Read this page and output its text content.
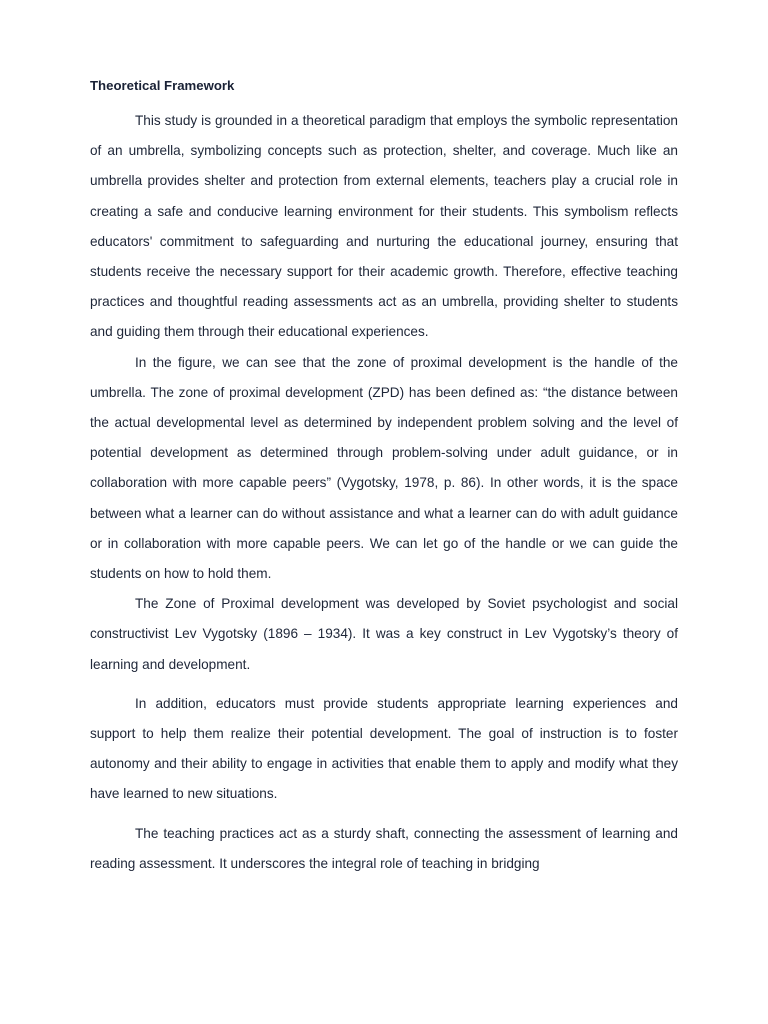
Theoretical Framework

This study is grounded in a theoretical paradigm that employs the symbolic representation of an umbrella, symbolizing concepts such as protection, shelter, and coverage. Much like an umbrella provides shelter and protection from external elements, teachers play a crucial role in creating a safe and conducive learning environment for their students. This symbolism reflects educators' commitment to safeguarding and nurturing the educational journey, ensuring that students receive the necessary support for their academic growth. Therefore, effective teaching practices and thoughtful reading assessments act as an umbrella, providing shelter to students and guiding them through their educational experiences.

In the figure, we can see that the zone of proximal development is the handle of the umbrella. The zone of proximal development (ZPD) has been defined as: “the distance between the actual developmental level as determined by independent problem solving and the level of potential development as determined through problem-solving under adult guidance, or in collaboration with more capable peers” (Vygotsky, 1978, p. 86). In other words, it is the space between what a learner can do without assistance and what a learner can do with adult guidance or in collaboration with more capable peers. We can let go of the handle or we can guide the students on how to hold them.

The Zone of Proximal development was developed by Soviet psychologist and social constructivist Lev Vygotsky (1896 – 1934). It was a key construct in Lev Vygotsky’s theory of learning and development.

In addition, educators must provide students appropriate learning experiences and support to help them realize their potential development. The goal of instruction is to foster autonomy and their ability to engage in activities that enable them to apply and modify what they have learned to new situations.

The teaching practices act as a sturdy shaft, connecting the assessment of learning and reading assessment. It underscores the integral role of teaching in bridging
